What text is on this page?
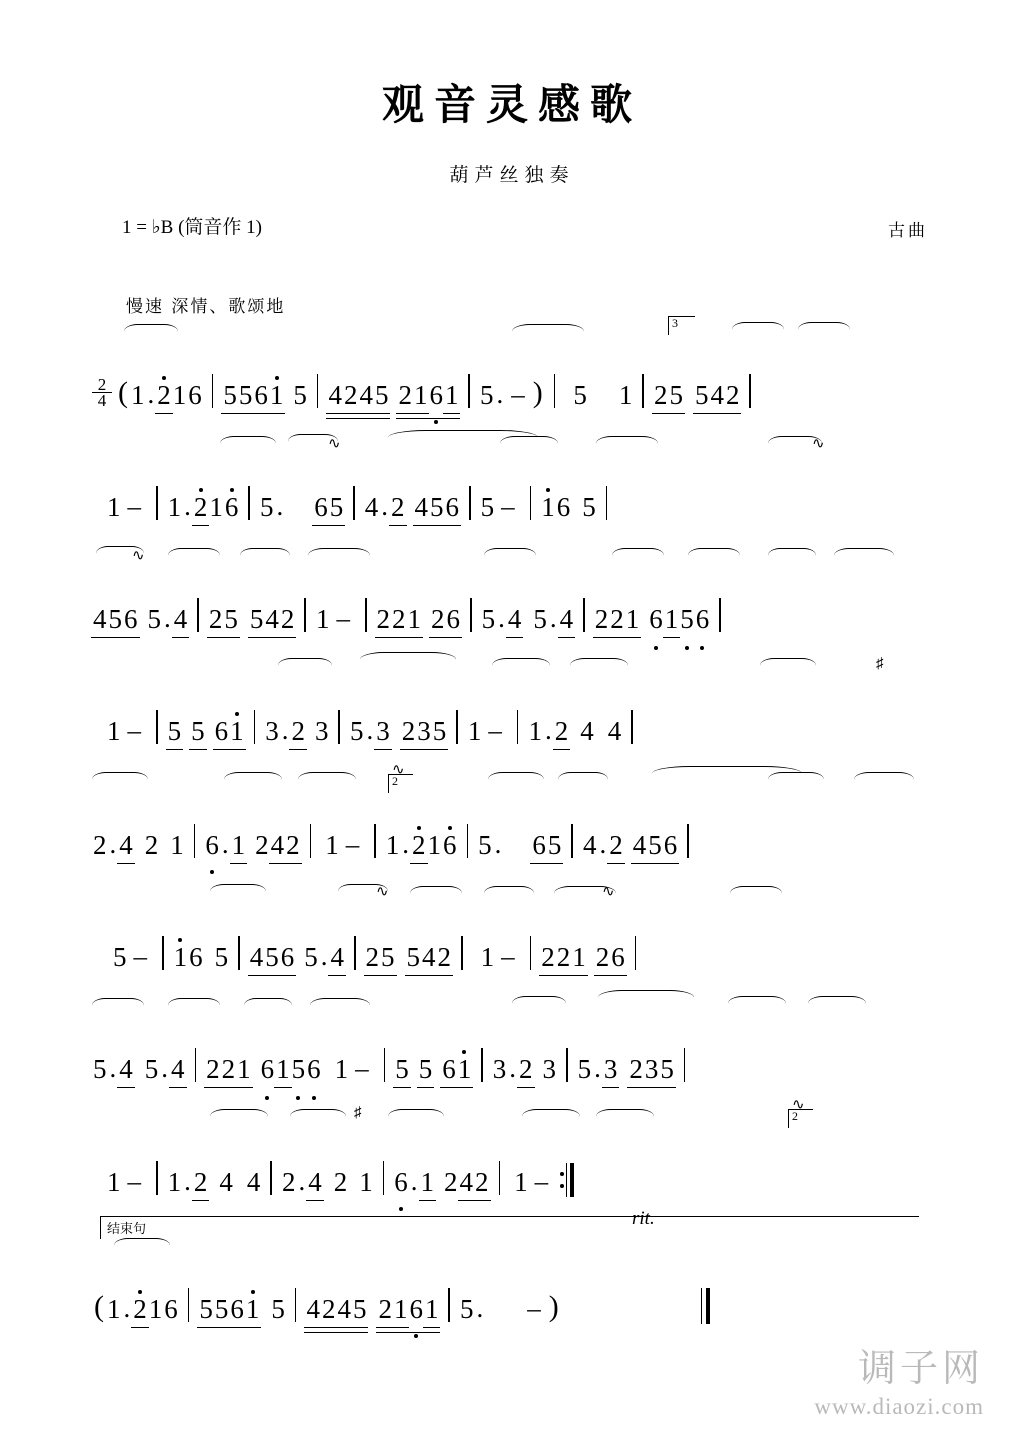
观音灵感歌
葫芦丝独奏
1 = ♭B (筒音作 1)	古曲
慢速 深情、歌颂地
3
2
4 ( 1 . 2 1 6 5 5 6 1 5 4 2 4 5 2 1 6 1 5 . – ) 5 1 2 5 5 4 2
∿	∿
1 – 1 . 2 1 6 5 . 6 5 4 . 2 4 5 6 5 – 1 6 5
∿
4 5 6 5 . 4 2 5 5 4 2 1 – 2 2 1 2 6 5 . 4 5 . 4 2 2 1 6 1 5 6
♯
1 – 5 5 6 1 3 . 2 3 5 . 3 2 3 5 1 – 1 . 2 4 4
∿
2
2 . 4 2 1 6 . 1 2 4 2 1 – 1 . 2 1 6 5 . 6 5 4 . 2 4 5 6
∿	∿
5 – 1 6 5 4 5 6 5 . 4 2 5 5 4 2 1 – 2 2 1 2 6
5 . 4 5 . 4 2 2 1 6 1 5 6 1 – 5 5 6 1 3 . 2 3 5 . 3 2 3 5
♯	∿
2
1 – 1 . 2 4 4 2 . 4 2 1 6 . 1 2 4 2 1 –
结束句
rit.
( 1 . 2 1 6 5 5 6 1 5 4 2 4 5 2 1 6 1 5 . – )
调子网
www.diaozi.com
